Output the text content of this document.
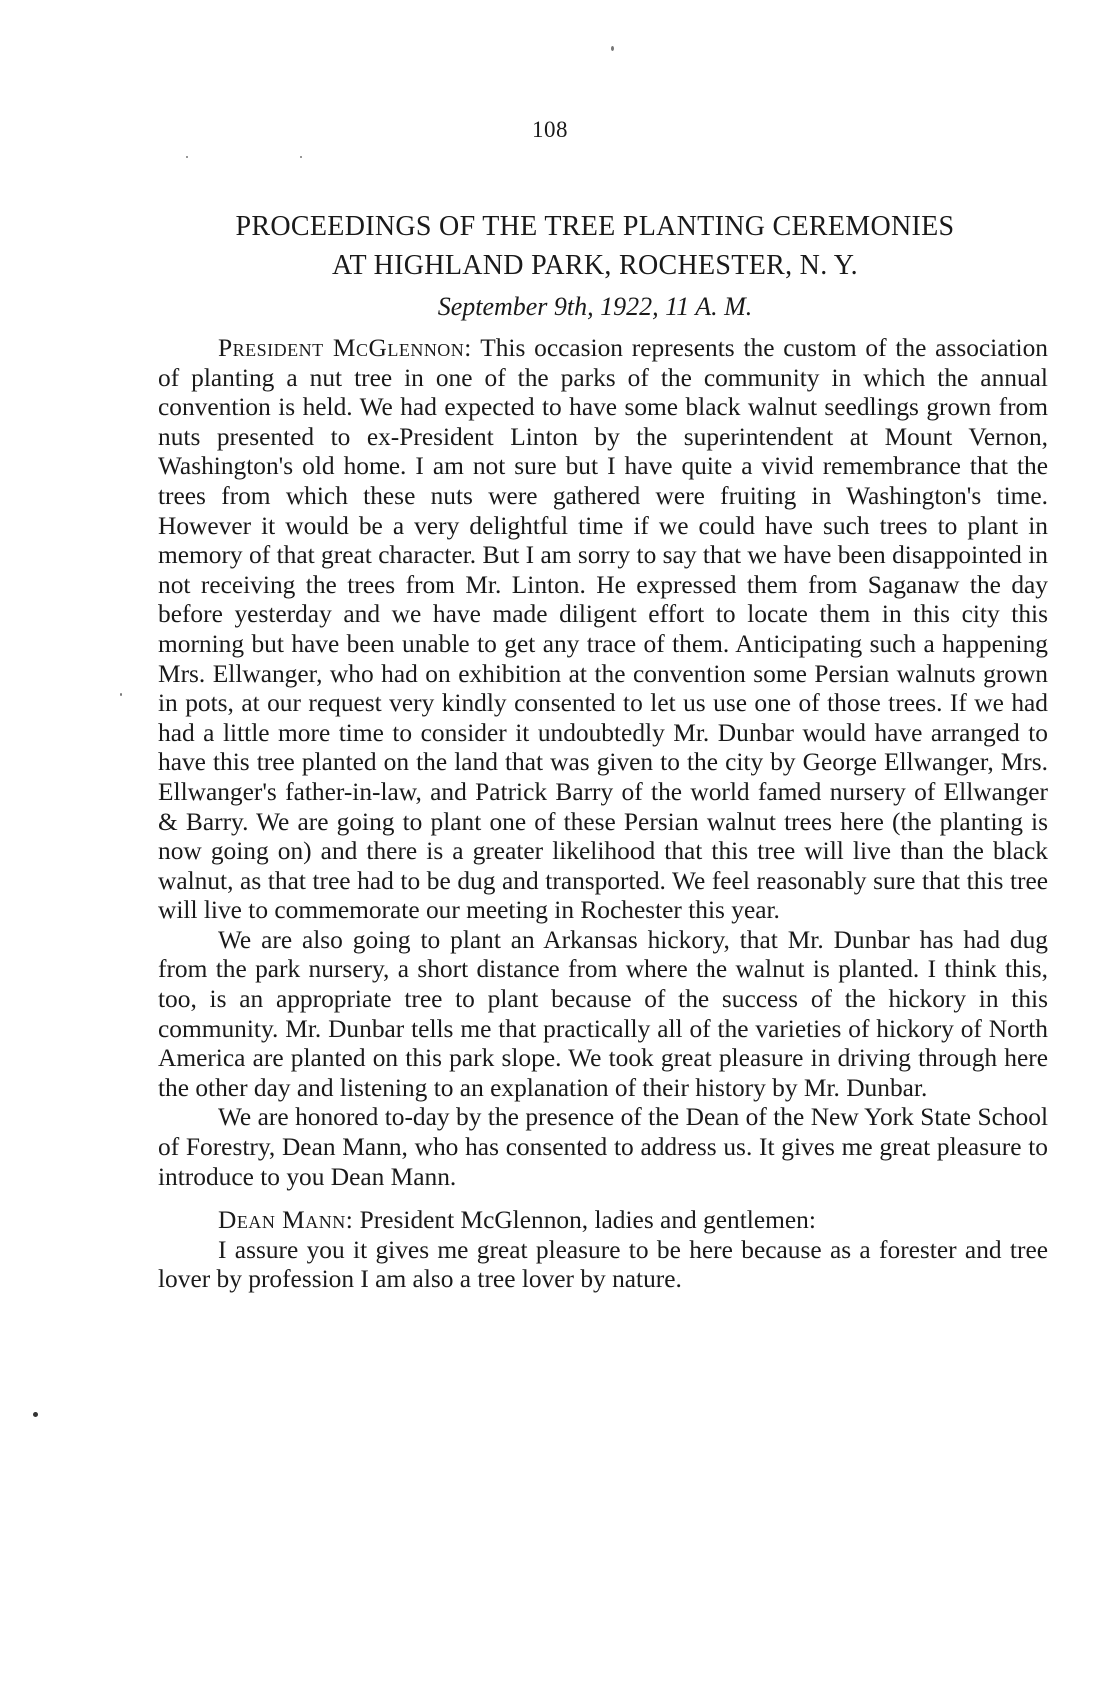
108
PROCEEDINGS OF THE TREE PLANTING CEREMONIES
AT HIGHLAND PARK, ROCHESTER, N. Y.
September 9th, 1922, 11 A. M.

President McGlennon: This occasion represents the custom of the association of planting a nut tree in one of the parks of the community in which the annual convention is held. We had expected to have some black walnut seedlings grown from nuts presented to ex-President Linton by the superintendent at Mount Vernon, Washington's old home. I am not sure but I have quite a vivid remembrance that the trees from which these nuts were gathered were fruiting in Washington's time. However it would be a very delightful time if we could have such trees to plant in memory of that great character. But I am sorry to say that we have been disappointed in not receiving the trees from Mr. Linton. He expressed them from Saganaw the day before yesterday and we have made diligent effort to locate them in this city this morning but have been unable to get any trace of them. Anticipating such a happening Mrs. Ellwanger, who had on exhibition at the convention some Persian walnuts grown in pots, at our request very kindly consented to let us use one of those trees. If we had had a little more time to consider it undoubtedly Mr. Dunbar would have arranged to have this tree planted on the land that was given to the city by George Ellwanger, Mrs. Ellwanger's father-in-law, and Patrick Barry of the world famed nursery of Ellwanger & Barry. We are going to plant one of these Persian walnut trees here (the planting is now going on) and there is a greater likelihood that this tree will live than the black walnut, as that tree had to be dug and transported. We feel reasonably sure that this tree will live to commemorate our meeting in Rochester this year.

We are also going to plant an Arkansas hickory, that Mr. Dunbar has had dug from the park nursery, a short distance from where the walnut is planted. I think this, too, is an appropriate tree to plant because of the success of the hickory in this community. Mr. Dunbar tells me that practically all of the varieties of hickory of North America are planted on this park slope. We took great pleasure in driving through here the other day and listening to an explanation of their history by Mr. Dunbar.

We are honored to-day by the presence of the Dean of the New York State School of Forestry, Dean Mann, who has consented to address us. It gives me great pleasure to introduce to you Dean Mann.

Dean Mann: President McGlennon, ladies and gentlemen:

I assure you it gives me great pleasure to be here because as a forester and tree lover by profession I am also a tree lover by nature.
